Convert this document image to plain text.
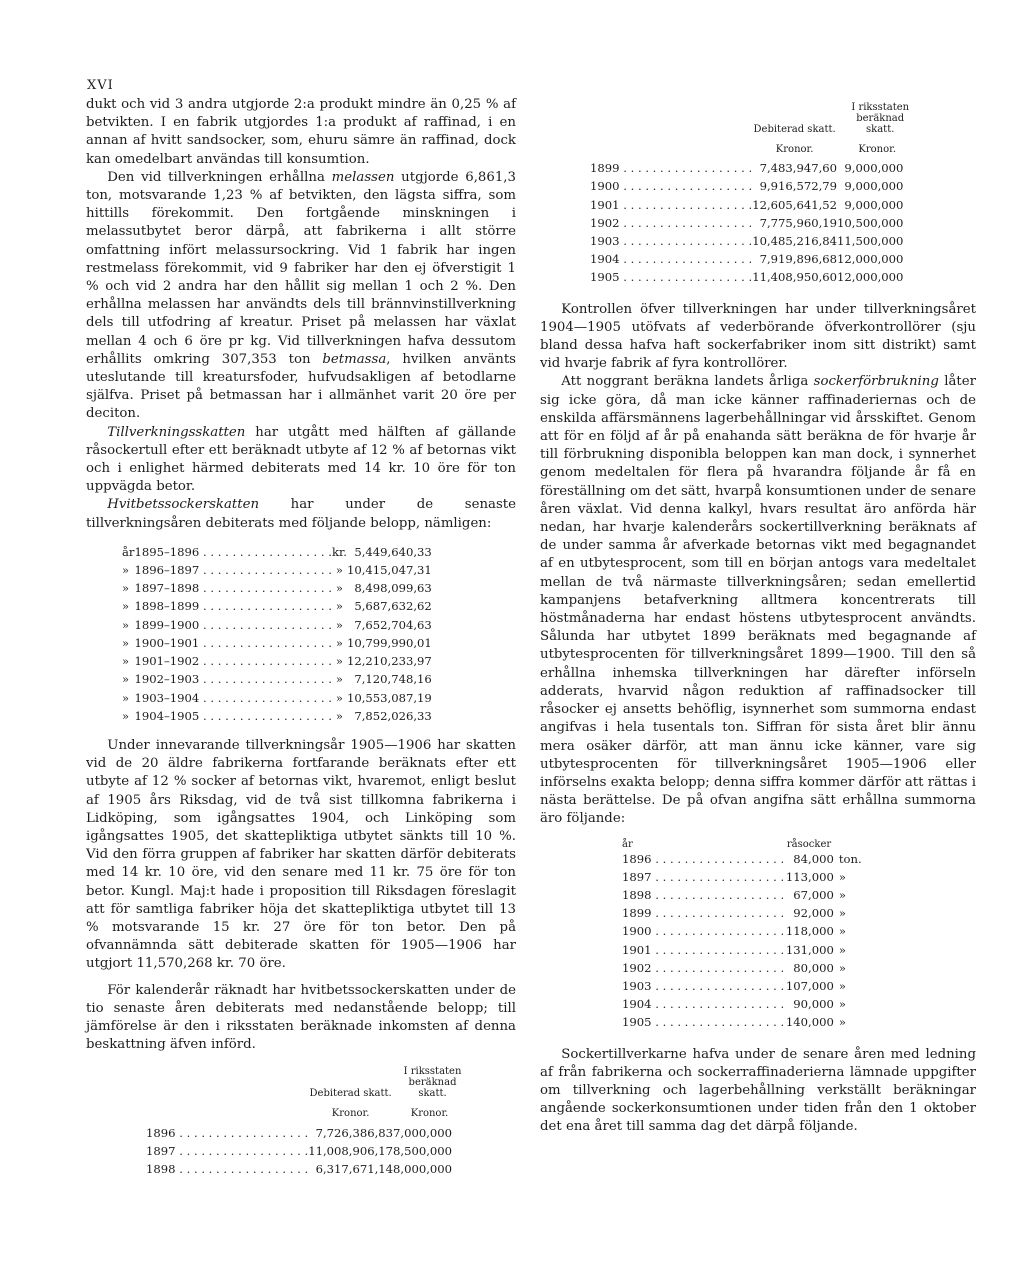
XVI

dukt och vid 3 andra utgjorde 2:a produkt mindre än 0,25 % af betvikten. I en fabrik utgjordes 1:a produkt af raffinad, i en annan af hvitt sandsocker, som, ehuru sämre än raffinad, dock kan omedelbart användas till konsumtion.

Den vid tillverkningen erhållna melassen utgjorde 6,861,3 ton, motsvarande 1,23 % af betvikten, den lägsta siffra, som hittills förekommit. Den fortgående minskningen i melassutbytet beror därpå, att fabrikerna i allt större omfattning infört melassursockring. Vid 1 fabrik har ingen restmelass förekommit, vid 9 fabriker har den ej öfverstigit 1 % och vid 2 andra har den hållit sig mellan 1 och 2 %. Den erhållna melassen har användts dels till brännvinstillverkning dels till utfodring af kreatur. Priset på melassen har växlat mellan 4 och 6 öre pr kg. Vid tillverkningen hafva dessutom erhållits omkring 307,353 ton betmassa, hvilken använts uteslutande till kreatursfoder, hufvudsakligen af betodlarne själfva. Priset på betmassan har i allmänhet varit 20 öre per deciton.

Tillverkningsskatten har utgått med hälften af gällande råsockertull efter ett beräknadt utbyte af 12 % af betornas vikt och i enlighet härmed debiterats med 14 kr. 10 öre för ton uppvägda betor.

Hvitbetssockerskatten har under de senaste tillverkningsåren debiterats med följande belopp, nämligen:

år	1895–1896 . . . . . . . . . . . . . . . . . .	kr.	5,449,640,33
»	1896–1897 . . . . . . . . . . . . . . . . . .	»	10,415,047,31
»	1897–1898 . . . . . . . . . . . . . . . . . .	»	8,498,099,63
»	1898–1899 . . . . . . . . . . . . . . . . . .	»	5,687,632,62
»	1899–1900 . . . . . . . . . . . . . . . . . .	»	7,652,704,63
»	1900–1901 . . . . . . . . . . . . . . . . . .	»	10,799,990,01
»	1901–1902 . . . . . . . . . . . . . . . . . .	»	12,210,233,97
»	1902–1903 . . . . . . . . . . . . . . . . . .	»	7,120,748,16
»	1903–1904 . . . . . . . . . . . . . . . . . .	»	10,553,087,19
»	1904–1905 . . . . . . . . . . . . . . . . . .	»	7,852,026,33

Under innevarande tillverkningsår 1905—1906 har skatten vid de 20 äldre fabrikerna fortfarande beräknats efter ett utbyte af 12 % socker af betornas vikt, hvaremot, enligt beslut af 1905 års Riksdag, vid de två sist tillkomna fabrikerna i Lidköping, som igångsattes 1904, och Linköping som igångsattes 1905, det skattepliktiga utbytet sänkts till 10 %. Vid den förra gruppen af fabriker har skatten därför debiterats med 14 kr. 10 öre, vid den senare med 11 kr. 75 öre för ton betor. Kungl. Maj:t hade i proposition till Riksdagen föreslagit att för samtliga fabriker höja det skattepliktiga utbytet till 13 % motsvarande 15 kr. 27 öre för ton betor. Den på ofvannämnda sätt debiterade skatten för 1905—1906 har utgjort 11,570,268 kr. 70 öre.

För kalenderår räknadt har hvitbetssockerskatten under de tio senaste åren debiterats med nedanstående belopp; till jämförelse är den i riksstaten beräknade inkomsten af denna beskattning äfven införd.

	Debiterad skatt.	I riksstaten beräknad skatt.
	Kronor.	Kronor.
1896 . . . . . . . . . . . . . . . . . .	7,726,386,83	7,000,000
1897 . . . . . . . . . . . . . . . . . .	11,008,906,17	8,500,000
1898 . . . . . . . . . . . . . . . . . .	6,317,671,14	8,000,000
	Debiterad skatt.	I riksstaten beräknad skatt.
	Kronor.	Kronor.
1899 . . . . . . . . . . . . . . . . . .	7,483,947,60	9,000,000
1900 . . . . . . . . . . . . . . . . . .	9,916,572,79	9,000,000
1901 . . . . . . . . . . . . . . . . . .	12,605,641,52	9,000,000
1902 . . . . . . . . . . . . . . . . . .	7,775,960,19	10,500,000
1903 . . . . . . . . . . . . . . . . . .	10,485,216,84	11,500,000
1904 . . . . . . . . . . . . . . . . . .	7,919,896,68	12,000,000
1905 . . . . . . . . . . . . . . . . . .	11,408,950,60	12,000,000

Kontrollen öfver tillverkningen har under tillverkningsåret 1904—1905 utöfvats af vederbörande öfverkontrollörer (sju bland dessa hafva haft sockerfabriker inom sitt distrikt) samt vid hvarje fabrik af fyra kontrollörer.

Att noggrant beräkna landets årliga sockerförbrukning låter sig icke göra, då man icke känner raffinaderiernas och de enskilda affärsmännens lagerbehållningar vid årsskiftet. Genom att för en följd af år på enahanda sätt beräkna de för hvarje år till förbrukning disponibla beloppen kan man dock, i synnerhet genom medeltalen för flera på hvarandra följande år få en föreställning om det sätt, hvarpå konsumtionen under de senare åren växlat. Vid denna kalkyl, hvars resultat äro anförda här nedan, har hvarje kalenderårs sockertillverkning beräknats af de under samma år afverkade betornas vikt med begagnandet af en utbytesprocent, som till en början antogs vara medeltalet mellan de två närmaste tillverkningsåren; sedan emellertid kampanjens betafverkning alltmera koncentrerats till höstmånaderna har endast höstens utbytesprocent användts. Sålunda har utbytet 1899 beräknats med begagnande af utbytesprocenten för tillverkningsåret 1899—1900. Till den så erhållna inhemska tillverkningen har därefter införseln adderats, hvarvid någon reduktion af raffinadsocker till råsocker ej ansetts behöflig, isynnerhet som summorna endast angifvas i hela tusentals ton. Siffran för sista året blir ännu mera osäker därför, att man ännu icke känner, vare sig utbytesprocenten för tillverkningsåret 1905—1906 eller införselns exakta belopp; denna siffra kommer därför att rättas i nästa berättelse. De på ofvan angifna sätt erhållna summorna äro följande:

år	råsocker	
1896 . . . . . . . . . . . . . . . . . .	84,000	ton.
1897 . . . . . . . . . . . . . . . . . .	113,000	»
1898 . . . . . . . . . . . . . . . . . .	67,000	»
1899 . . . . . . . . . . . . . . . . . .	92,000	»
1900 . . . . . . . . . . . . . . . . . .	118,000	»
1901 . . . . . . . . . . . . . . . . . .	131,000	»
1902 . . . . . . . . . . . . . . . . . .	80,000	»
1903 . . . . . . . . . . . . . . . . . .	107,000	»
1904 . . . . . . . . . . . . . . . . . .	90,000	»
1905 . . . . . . . . . . . . . . . . . .	140,000	»

Sockertillverkarne hafva under de senare åren med ledning af från fabrikerna och sockerraffinaderierna lämnade uppgifter om tillverkning och lagerbehållning verkställt beräkningar angående sockerkonsumtionen under tiden från den 1 oktober det ena året till samma dag det därpå följande.
